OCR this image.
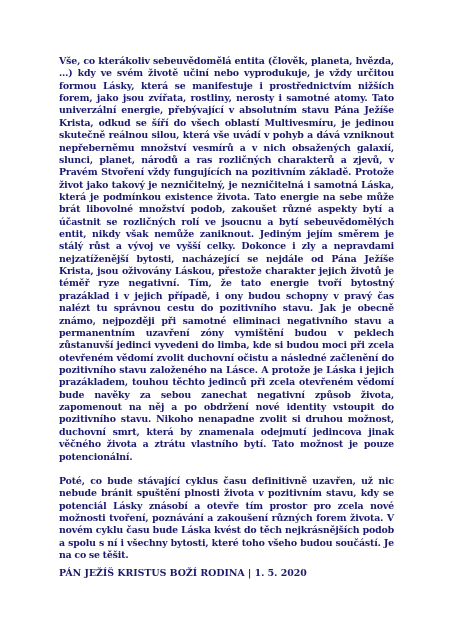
Vše, co kterákoliv sebeuvědomělá entita (člověk, planeta, hvězda, …) kdy ve svém životě učiní nebo vyprodukuje, je vždy určitou formou Lásky, která se manifestuje i prostřednictvím nižších forem, jako jsou zvířata, rostliny, nerosty i samotné atomy. Tato univerzální energie, přebývající v absolutním stavu Pána Ježíše Krista, odkud se šíří do všech oblastí Multivesmíru, je jedinou skutečně reálnou silou, která vše uvádí v pohyb a dává vzniknout nepřeberněmu množství vesmírů a v nich obsažených galaxií, slunci, planet, národů a ras rozličných charakterů a zjevů, v Pravém Stvoření vždy fungujících na pozitivním základě. Protože život jako takový je nezničitelný, je nezničitelná i samotná Láska, která je podmínkou existence života. Tato energie na sebe může brát libovolné množství podob, zakoušet různé aspekty bytí a účastnit se rozličných rolí ve jsoucnu a bytí sebeuvědomělých entit, nikdy však nemůže zaniknout. Jediným jejím směrem je stálý růst a vývoj ve vyšší celky. Dokonce i zly a nepravdami nejzatíženější bytosti, nacházející se nejdále od Pána Ježíše Krista, jsou oživovány Láskou, přestože charakter jejich životů je téměř ryze negativní. Tím, že tato energie tvoří bytostný prazáklad i v jejich případě, i ony budou schopny v pravý čas nalézt tu správnou cestu do pozitivního stavu. Jak je obecně známo, nejpozději při samotné eliminaci negativního stavu a permanentním uzavření zóny vymištění budou v peklech zůstanuvší jedinci vyvedeni do limba, kde si budou moci při zcela otevřeném vědomí zvolit duchovní očistu a následné začlenění do pozitivního stavu založeného na Lásce. A protože je Láska i jejich prazákladem, touhou těchto jedinců při zcela otevřeném vědomí bude navěky za sebou zanechat negativní způsob života, zapomenout na něj a po obdržení nové identity vstoupit do pozitivního stavu. Nikoho nenapadne zvolit si druhou možnost, duchovní smrt, která by znamenala odejmutí jedincova jinak věčného života a ztrátu vlastního bytí. Tato možnost je pouze potencionální.

Poté, co bude stávající cyklus času definitivně uzavřen, už nic nebude bránit spuštění plnosti života v pozitivním stavu, kdy se potenciál Lásky znásobí a otevře tím prostor pro zcela nové možnosti tvoření, poznávání a zakoušení různých forem života. V novém cyklu času bude Láska kvést do těch nejkrásnějších podob a spolu s ní i všechny bytosti, které toho všeho budou součástí. Je na co se těšit.

PÁN JEŽÍŠ KRISTUS BOŽÍ RODINA | 1. 5. 2020
